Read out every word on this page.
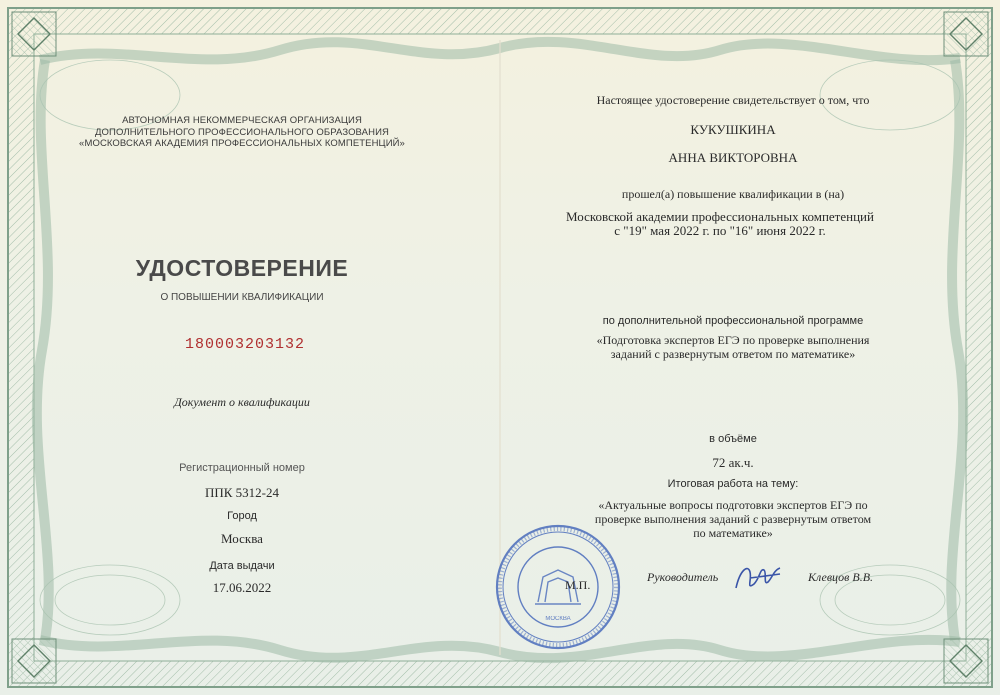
АВТОНОМНАЯ НЕКОММЕРЧЕСКАЯ ОРГАНИЗАЦИЯ
ДОПОЛНИТЕЛЬНОГО ПРОФЕССИОНАЛЬНОГО ОБРАЗОВАНИЯ
«МОСКОВСКАЯ АКАДЕМИЯ ПРОФЕССИОНАЛЬНЫХ КОМПЕТЕНЦИЙ»
УДОСТОВЕРЕНИЕ
О ПОВЫШЕНИИ КВАЛИФИКАЦИИ
180003203132
Документ о квалификации
Регистрационный номер
ППК 5312-24
Город
Москва
Дата выдачи
17.06.2022
Настоящее удостоверение свидетельствует о том, что
КУКУШКИНА
АННА ВИКТОРОВНА
прошел(а) повышение квалификации в (на)
Московской академии профессиональных компетенций
с "19" мая 2022 г. по "16" июня 2022 г.
по дополнительной профессиональной программе
«Подготовка экспертов ЕГЭ по проверке выполнения
заданий с развернутым ответом по математике»
в объёме
72 ак.ч.
Итоговая работа на тему:
«Актуальные вопросы подготовки экспертов ЕГЭ по
проверке выполнения заданий с развернутым ответом
по математике»
МОСКВА
М.П.
Руководитель	Клевцов В.В.
